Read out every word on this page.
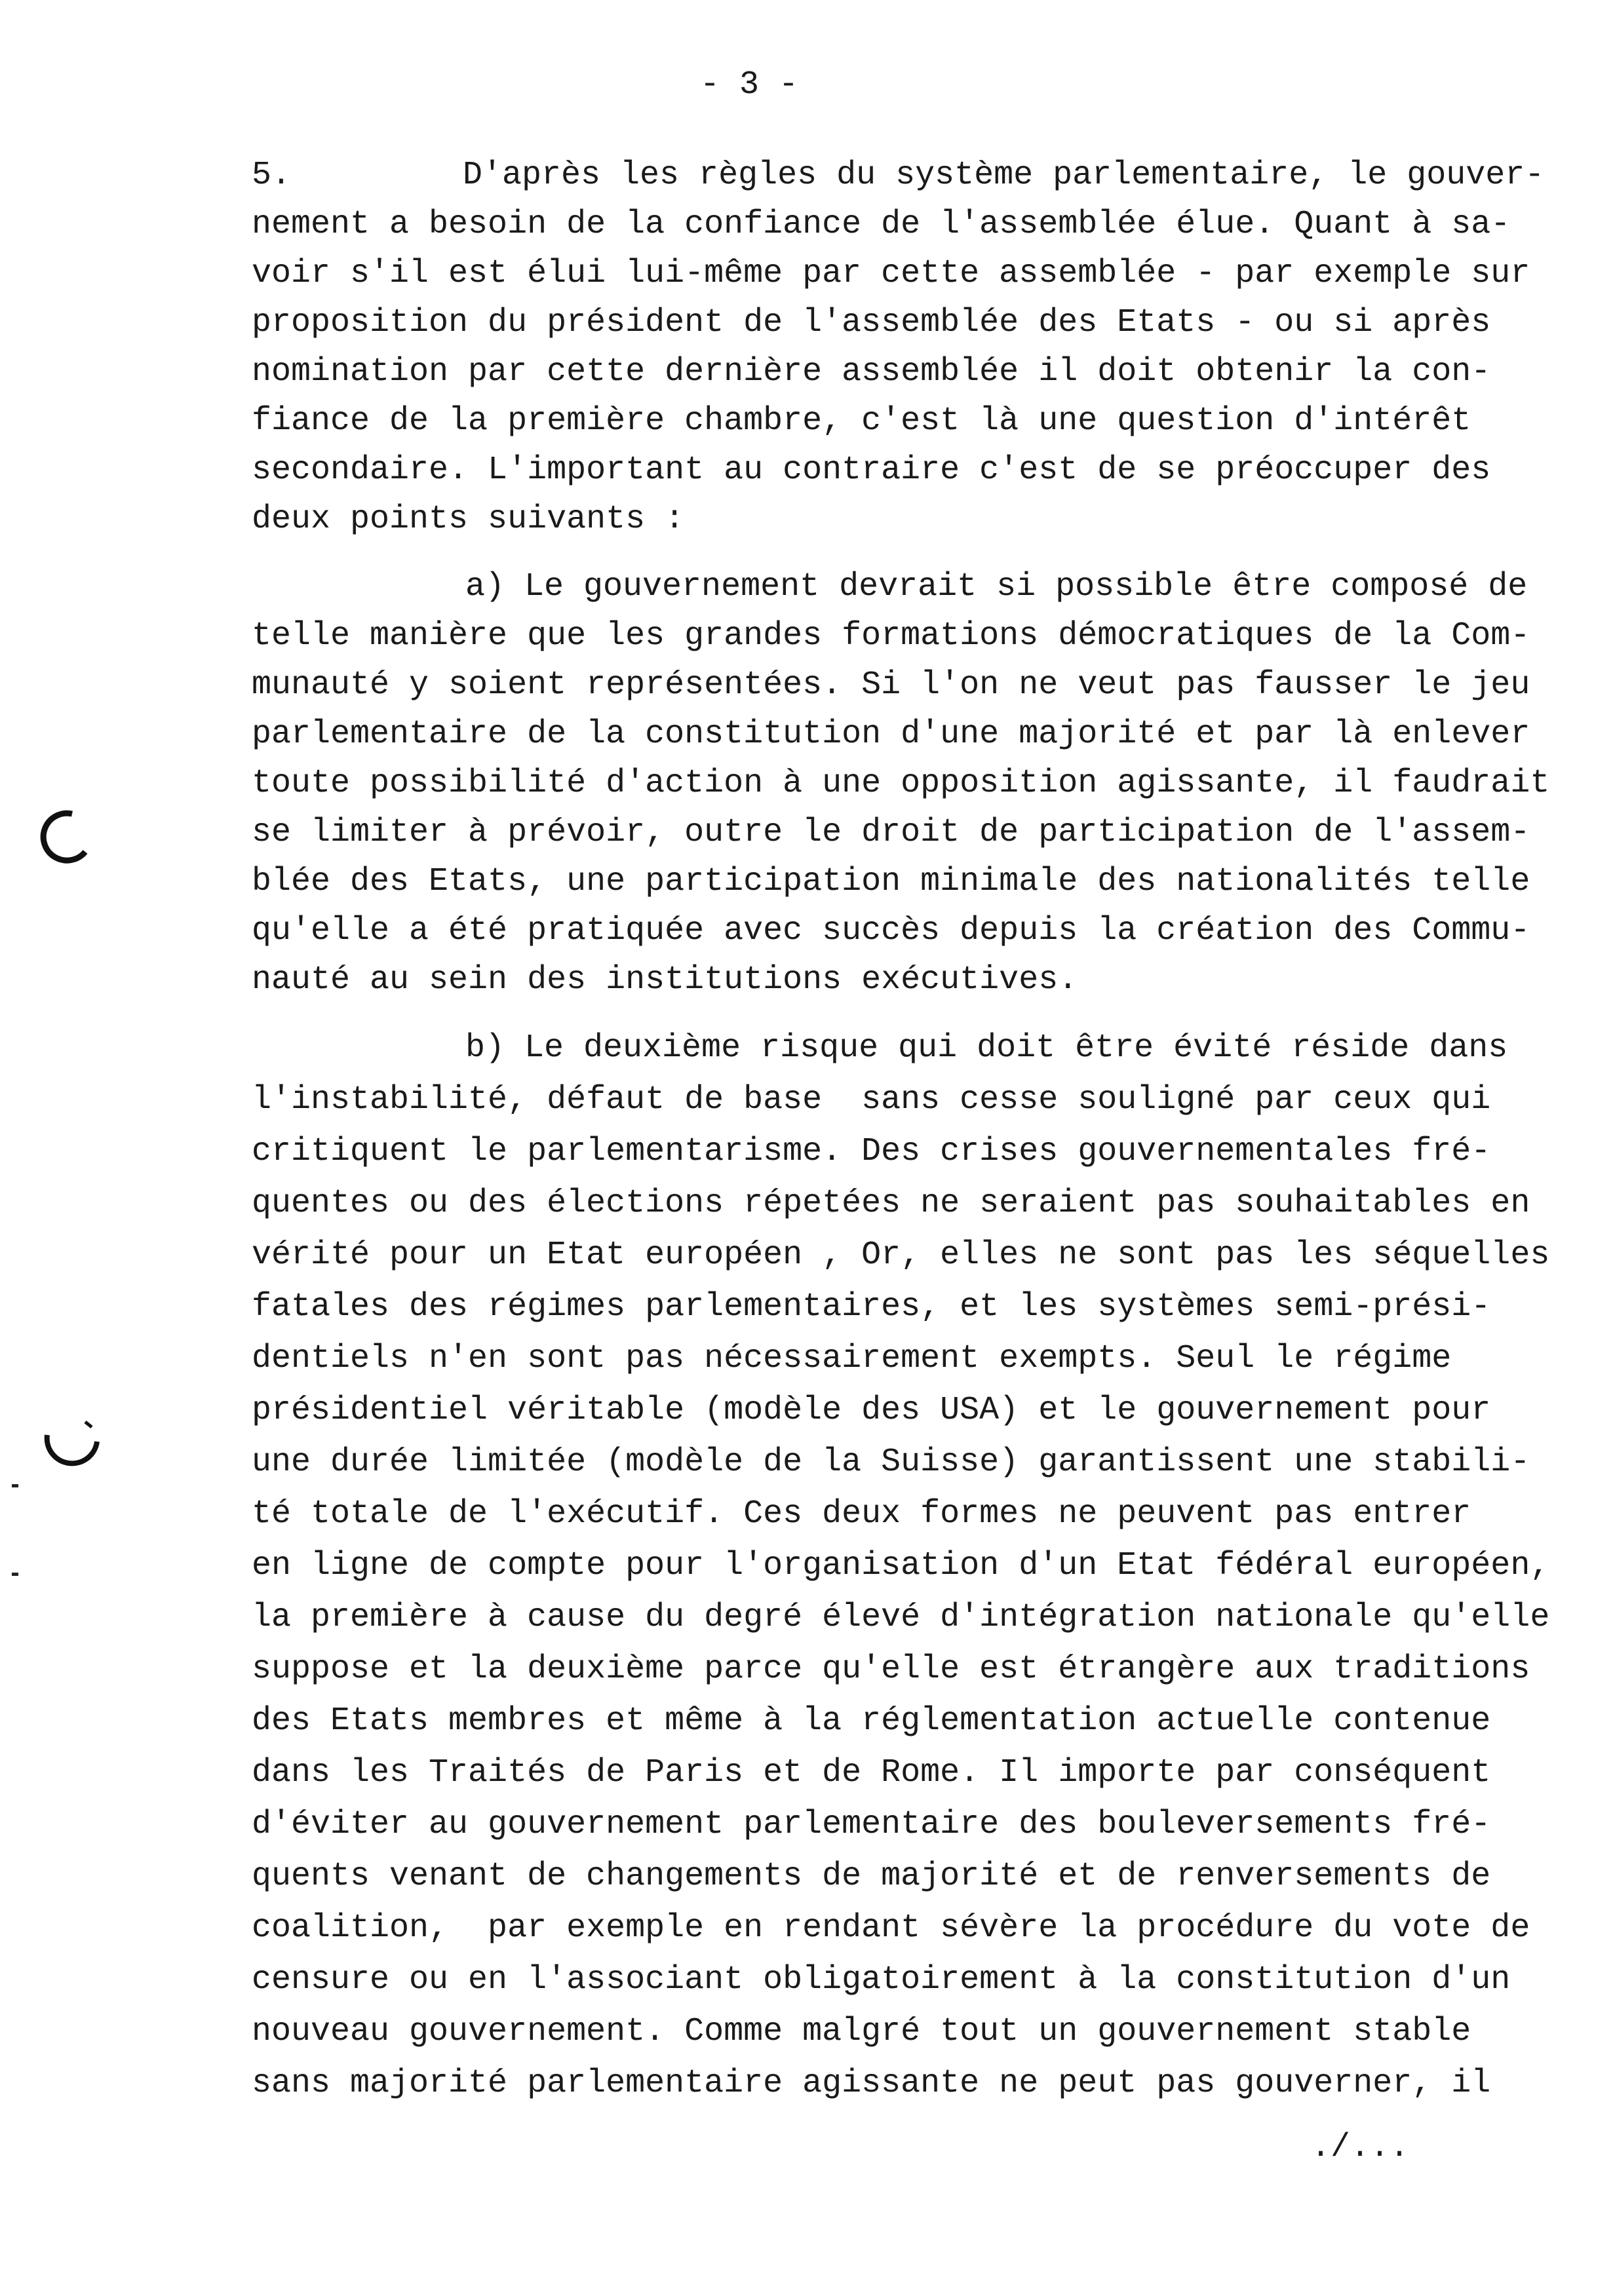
- 3 -
5.	D'après les règles du système parlementaire, le gouver-
nement a besoin de la confiance de l'assemblée élue. Quant à sa-
voir s'il est élui lui-même par cette assemblée - par exemple sur
proposition du président de l'assemblée des Etats - ou si après
nomination par cette dernière assemblée il doit obtenir la con-
fiance de la première chambre, c'est là une question d'intérêt
secondaire. L'important au contraire c'est de se préoccuper des
deux points suivants :
a) Le gouvernement devrait si possible être composé de
telle manière que les grandes formations démocratiques de la Com-
munauté y soient représentées. Si l'on ne veut pas fausser le jeu
parlementaire de la constitution d'une majorité et par là enlever
toute possibilité d'action à une opposition agissante, il faudrait
se limiter à prévoir, outre le droit de participation de l'assem-
blée des Etats, une participation minimale des nationalités telle
qu'elle a été pratiquée avec succès depuis la création des Commu-
nauté au sein des institutions exécutives.
b) Le deuxième risque qui doit être évité réside dans
l'instabilité, défaut de base  sans cesse souligné par ceux qui
critiquent le parlementarisme. Des crises gouvernementales fré-
quentes ou des élections répetées ne seraient pas souhaitables en
vérité pour un Etat européen , Or, elles ne sont pas les séquelles
fatales des régimes parlementaires, et les systèmes semi-prési-
dentiels n'en sont pas nécessairement exempts. Seul le régime
présidentiel véritable (modèle des USA) et le gouvernement pour
une durée limitée (modèle de la Suisse) garantissent une stabili-
té totale de l'exécutif. Ces deux formes ne peuvent pas entrer
en ligne de compte pour l'organisation d'un Etat fédéral européen,
la première à cause du degré élevé d'intégration nationale qu'elle
suppose et la deuxième parce qu'elle est étrangère aux traditions
des Etats membres et même à la réglementation actuelle contenue
dans les Traités de Paris et de Rome. Il importe par conséquent
d'éviter au gouvernement parlementaire des bouleversements fré-
quents venant de changements de majorité et de renversements de
coalition,  par exemple en rendant sévère la procédure du vote de
censure ou en l'associant obligatoirement à la constitution d'un
nouveau gouvernement. Comme malgré tout un gouvernement stable
sans majorité parlementaire agissante ne peut pas gouverner, il
./...
